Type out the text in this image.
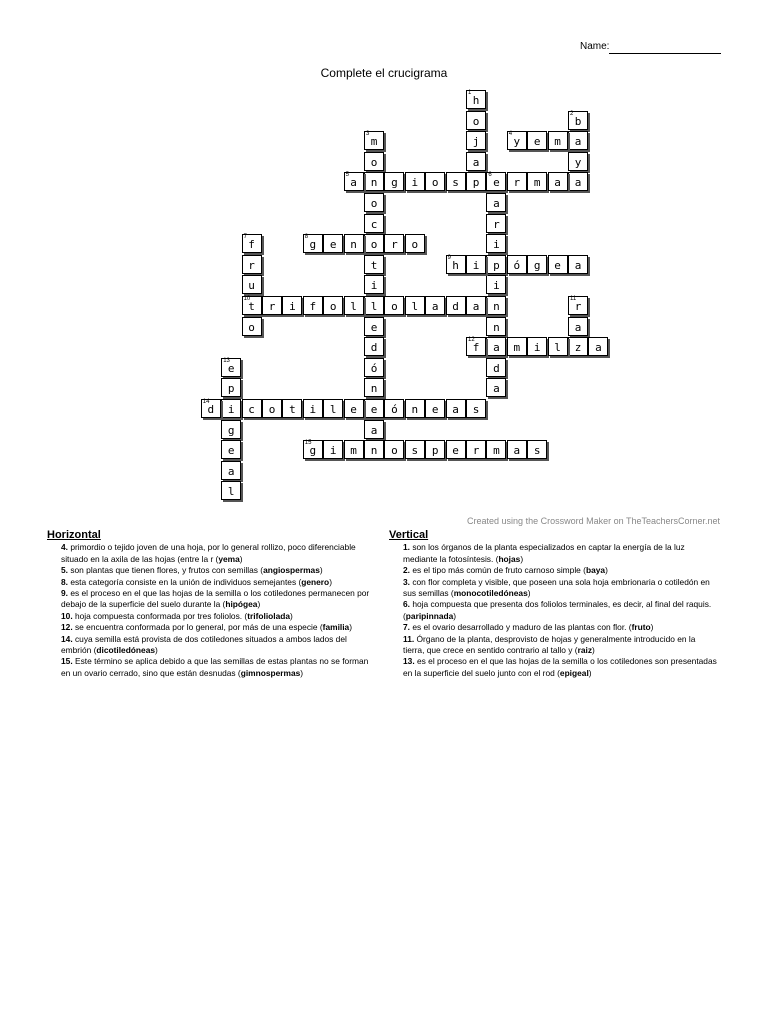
Name:
Complete el crucigrama
1
h
o
j
a
2
b
a
y
a
3
m
o
n
o
c
o
t
i
l
e
d
ó
n
e
a
4
y	e	m
5
a	g	i	o	s	p
6
e	r	m	a
a
r
i
p
i
n
n
a
d
a
7
f
r
u
10
t
o
8
g	e	n	r	o
9
h	i	ó	g	e	a
r	i	f	o	l	o	l	a	d	a
11
r
a
z
12
f	m	i	l	a
13
e
p
i
g
e
a
l
14
d	c	o	t	i	l	e	ó	n	e	a	s
15
g	i	m	n	o	s	p	e	r	m	a	s
Created using the Crossword Maker on TheTeachersCorner.net
Horizontal
4. primordio o tejido joven de una hoja, por lo general rollizo, poco diferenciable situado en la axila de las hojas (entre la r (yema)
5. son plantas que tienen flores, y frutos con semillas (angiospermas)
8. esta categoría consiste en la unión de individuos semejantes (genero)
9. es el proceso en el que las hojas de la semilla o los cotiledones permanecen por debajo de la superficie del suelo durante la (hipógea)
10. hoja compuesta conformada por tres foliolos. (trifoliolada)
12. se encuentra conformada por lo general, por más de una especie (familia)
14. cuya semilla está provista de dos cotiledones situados a ambos lados del embrión (dicotiledóneas)
15. Este término se aplica debido a que las semillas de estas plantas no se forman en un ovario cerrado, sino que están desnudas (gimnospermas)
Vertical
1. son los órganos de la planta especializados en captar la energía de la luz mediante la fotosíntesis. (hojas)
2. es el tipo más común de fruto carnoso simple (baya)
3. con flor completa y visible, que poseen una sola hoja embrionaria o cotiledón en sus semillas (monocotiledóneas)
6. hoja compuesta que presenta dos foliolos terminales, es decir, al final del raquis. (paripinnada)
7. es el ovario desarrollado y maduro de las plantas con flor. (fruto)
11. Órgano de la planta, desprovisto de hojas y generalmente introducido en la tierra, que crece en sentido contrario al tallo y (raiz)
13. es el proceso en el que las hojas de la semilla o los cotiledones son presentadas en la superficie del suelo junto con el rod (epigeal)
